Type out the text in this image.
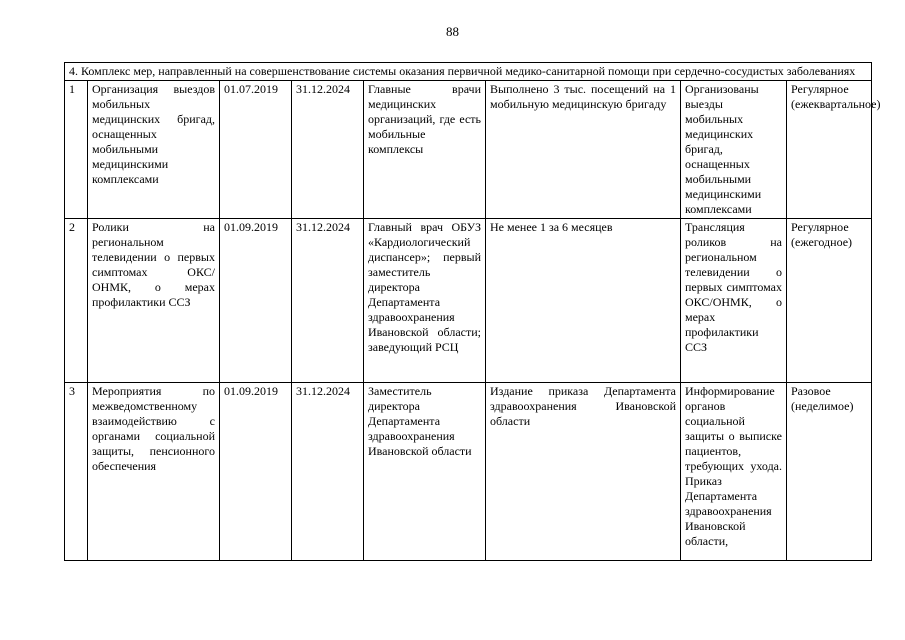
88
4. Комплекс мер, направленный на совершенствование системы оказания первичной медико-санитарной помощи при сердечно-сосудистых заболеваниях							
1	Организация выездов мобильных медицинских бригад, оснащенных мобильными медицинскими комплексами	01.07.2019	31.12.2024	Главные врачи медицинских организаций, где есть мобильные комплексы	Выполнено 3 тыс. посещений на 1 мобильную медицинскую бригаду	Организованы выезды мобильных медицинских бригад, оснащенных мобильными медицинскими комплексами	Регулярное (ежеквартальное)
2	Ролики на региональном телевидении о первых симптомах ОКС/ОНМК, о мерах профилактики ССЗ	01.09.2019	31.12.2024	Главный врач ОБУЗ «Кардиологический диспансер»; первый заместитель директора Департамента здравоохранения Ивановской области; заведующий РСЦ	Не менее 1 за 6 месяцев	Трансляция роликов на региональном телевидении о первых симптомах ОКС/ОНМК, о мерах профилактики ССЗ	Регулярное (ежегодное)
3	Мероприятия по межведомственному взаимодействию с органами социальной защиты, пенсионного обеспечения	01.09.2019	31.12.2024	Заместитель директора Департамента здравоохранения Ивановской области	Издание приказа Департамента здравоохранения Ивановской области	Информирование органов социальной защиты о выписке пациентов, требующих ухода. Приказ Департамента здравоохранения Ивановской области,	Разовое (неделимое)
